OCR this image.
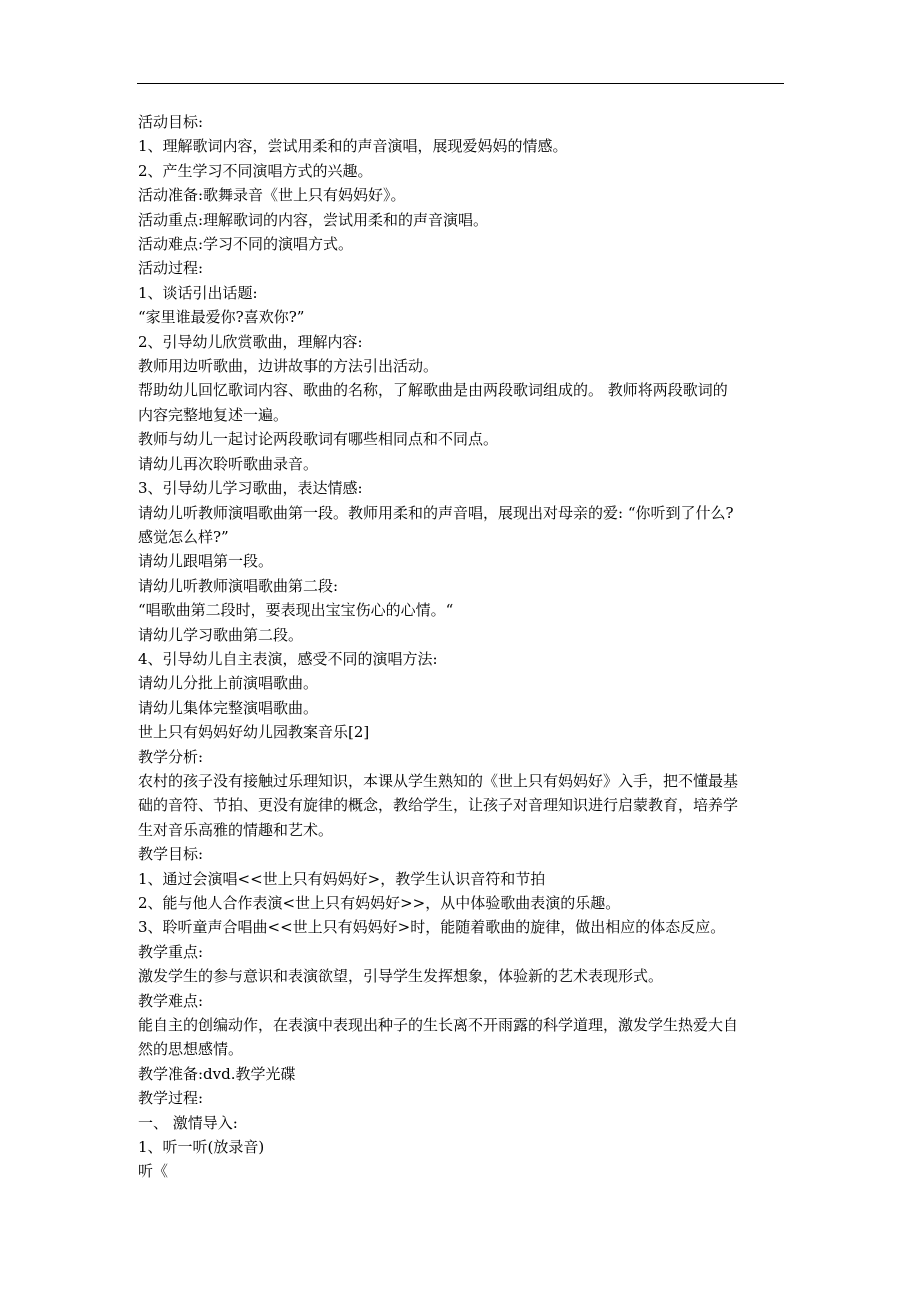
活动目标:
1、理解歌词内容，尝试用柔和的声音演唱，展现爱妈妈的情感。
2、产生学习不同演唱方式的兴趣。
活动准备:歌舞录音《世上只有妈妈好》。
活动重点:理解歌词的内容，尝试用柔和的声音演唱。
活动难点:学习不同的演唱方式。
活动过程:
1、谈话引出话题:
“家里谁最爱你?喜欢你?”
2、引导幼儿欣赏歌曲，理解内容:
教师用边听歌曲，边讲故事的方法引出活动。
帮助幼儿回忆歌词内容、歌曲的名称，了解歌曲是由两段歌词组成的。 教师将两段歌词的
内容完整地复述一遍。
教师与幼儿一起讨论两段歌词有哪些相同点和不同点。
请幼儿再次聆听歌曲录音。
3、引导幼儿学习歌曲，表达情感:
请幼儿听教师演唱歌曲第一段。教师用柔和的声音唱，展现出对母亲的爱: “你听到了什么?
感觉怎么样?”
请幼儿跟唱第一段。
请幼儿听教师演唱歌曲第二段:
“唱歌曲第二段时，要表现出宝宝伤心的心情。“
请幼儿学习歌曲第二段。
4、引导幼儿自主表演，感受不同的演唱方法:
请幼儿分批上前演唱歌曲。
请幼儿集体完整演唱歌曲。
世上只有妈妈好幼儿园教案音乐[2]
教学分析:
农村的孩子没有接触过乐理知识，本课从学生熟知的《世上只有妈妈好》入手，把不懂最基
础的音符、节拍、更没有旋律的概念，教给学生，让孩子对音理知识进行启蒙教育，培养学
生对音乐高雅的情趣和艺术。
教学目标:
1、通过会演唱<<世上只有妈妈好>，教学生认识音符和节拍
2、能与他人合作表演<世上只有妈妈好>>，从中体验歌曲表演的乐趣。
3、聆听童声合唱曲<<世上只有妈妈好>时，能随着歌曲的旋律，做出相应的体态反应。
教学重点:
激发学生的参与意识和表演欲望，引导学生发挥想象，体验新的艺术表现形式。
教学难点:
能自主的创编动作，在表演中表现出种子的生长离不开雨露的科学道理，激发学生热爱大自
然的思想感情。
教学准备:dvd.教学光碟
教学过程:
一、 激情导入:
1、听一听(放录音)
听《
